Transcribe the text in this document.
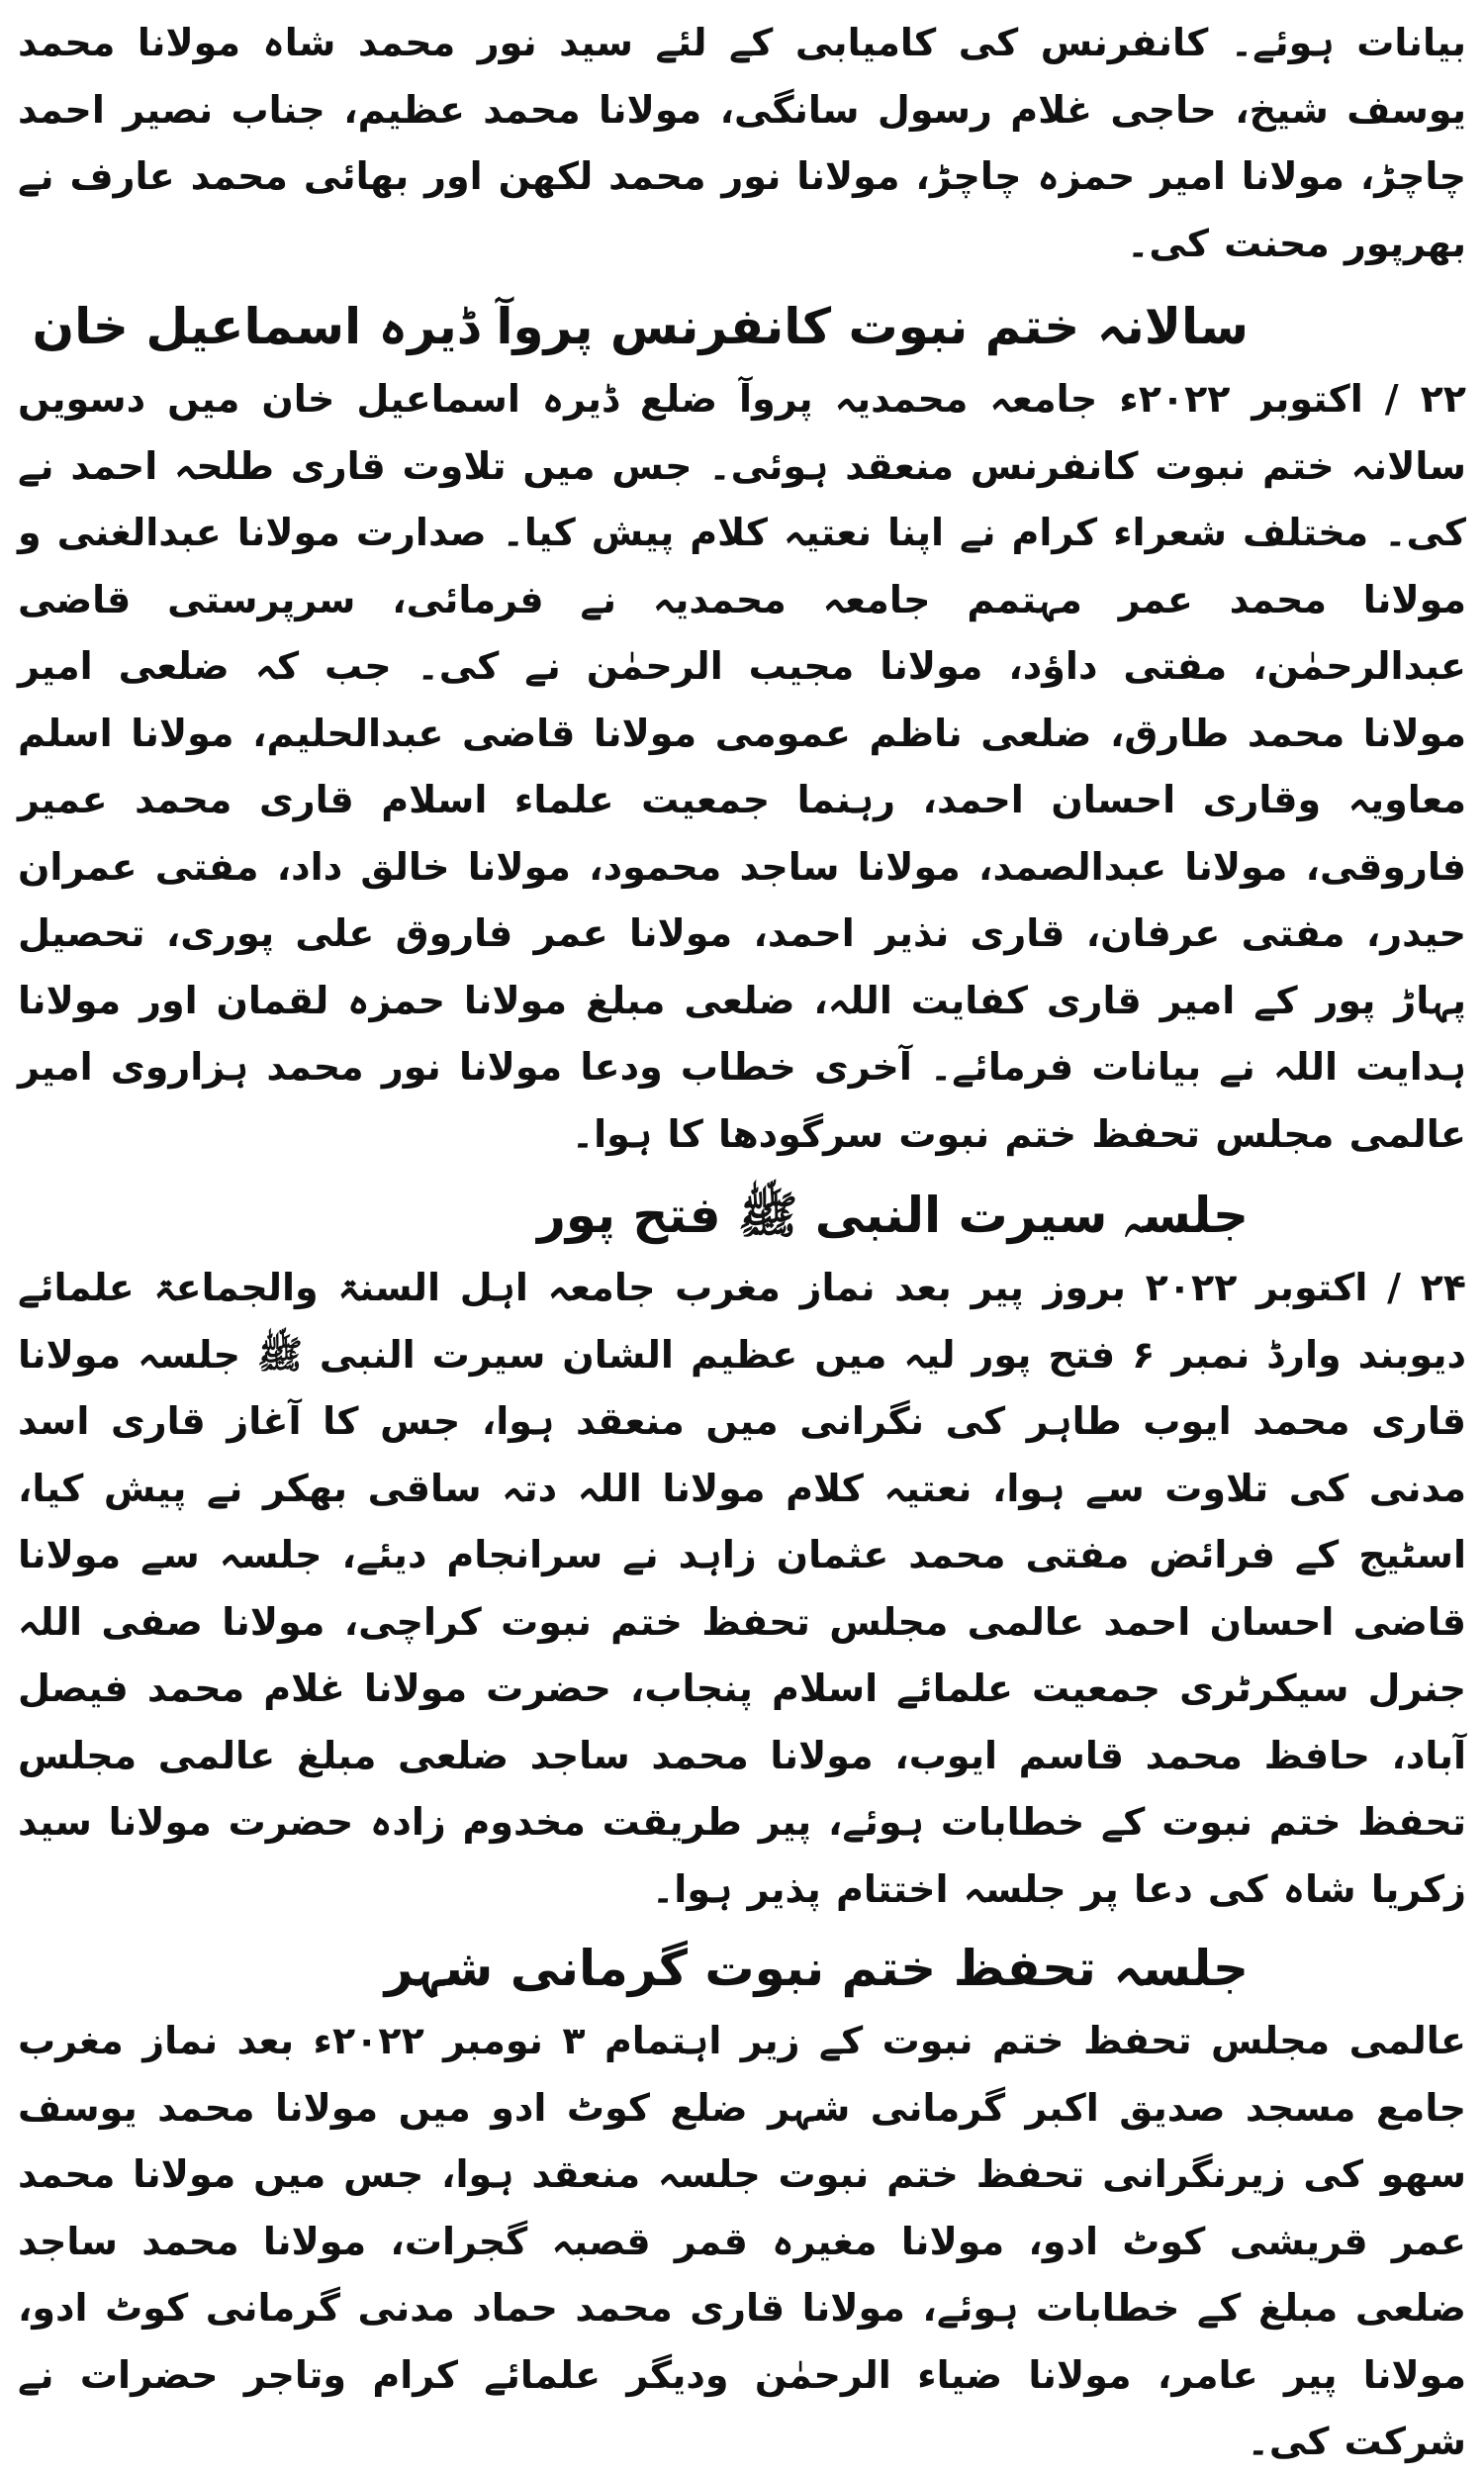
بیانات ہوئے۔ کانفرنس کی کامیابی کے لئے سید نور محمد شاہ مولانا محمد یوسف شیخ، حاجی غلام رسول سانگی، مولانا محمد عظیم، جناب نصیر احمد چاچڑ، مولانا امیر حمزہ چاچڑ، مولانا نور محمد لکھن اور بھائی محمد عارف نے بھرپور محنت کی۔

سالانہ ختم نبوت کانفرنس پروآ ڈیرہ اسماعیل خان

۲۲ / اکتوبر ۲۰۲۲ء جامعہ محمدیہ پروآ ضلع ڈیرہ اسماعیل خان میں دسویں سالانہ ختم نبوت کانفرنس منعقد ہوئی۔ جس میں تلاوت قاری طلحہ احمد نے کی۔ مختلف شعراء کرام نے اپنا نعتیہ کلام پیش کیا۔ صدارت مولانا عبدالغنی و مولانا محمد عمر مہتمم جامعہ محمدیہ نے فرمائی، سرپرستی قاضی عبدالرحمٰن، مفتی داؤد، مولانا مجیب الرحمٰن نے کی۔ جب کہ ضلعی امیر مولانا محمد طارق، ضلعی ناظم عمومی مولانا قاضی عبدالحلیم، مولانا اسلم معاویہ وقاری احسان احمد، رہنما جمعیت علماء اسلام قاری محمد عمیر فاروقی، مولانا عبدالصمد، مولانا ساجد محمود، مولانا خالق داد، مفتی عمران حیدر، مفتی عرفان، قاری نذیر احمد، مولانا عمر فاروق علی پوری، تحصیل پہاڑ پور کے امیر قاری کفایت اللہ، ضلعی مبلغ مولانا حمزہ لقمان اور مولانا ہدایت اللہ نے بیانات فرمائے۔ آخری خطاب ودعا مولانا نور محمد ہزاروی امیر عالمی مجلس تحفظ ختم نبوت سرگودھا کا ہوا۔

جلسہ سیرت النبی ﷺ فتح پور

۲۴ / اکتوبر ۲۰۲۲ بروز پیر بعد نماز مغرب جامعہ اہل السنۃ والجماعۃ علمائے دیوبند وارڈ نمبر ۶ فتح پور لیہ میں عظیم الشان سیرت النبی ﷺ جلسہ مولانا قاری محمد ایوب طاہر کی نگرانی میں منعقد ہوا، جس کا آغاز قاری اسد مدنی کی تلاوت سے ہوا، نعتیہ کلام مولانا اللہ دتہ ساقی بھکر نے پیش کیا، اسٹیج کے فرائض مفتی محمد عثمان زاہد نے سرانجام دیئے، جلسہ سے مولانا قاضی احسان احمد عالمی مجلس تحفظ ختم نبوت کراچی، مولانا صفی اللہ جنرل سیکرٹری جمعیت علمائے اسلام پنجاب، حضرت مولانا غلام محمد فیصل آباد، حافظ محمد قاسم ایوب، مولانا محمد ساجد ضلعی مبلغ عالمی مجلس تحفظ ختم نبوت کے خطابات ہوئے، پیر طریقت مخدوم زادہ حضرت مولانا سید زکریا شاہ کی دعا پر جلسہ اختتام پذیر ہوا۔

جلسہ تحفظ ختم نبوت گرمانی شہر

عالمی مجلس تحفظ ختم نبوت کے زیر اہتمام ۳ نومبر ۲۰۲۲ء بعد نماز مغرب جامع مسجد صدیق اکبر گرمانی شہر ضلع کوٹ ادو میں مولانا محمد یوسف سھو کی زیرنگرانی تحفظ ختم نبوت جلسہ منعقد ہوا، جس میں مولانا محمد عمر قریشی کوٹ ادو، مولانا مغیرہ قمر قصبہ گجرات، مولانا محمد ساجد ضلعی مبلغ کے خطابات ہوئے، مولانا قاری محمد حماد مدنی گرمانی کوٹ ادو، مولانا پیر عامر، مولانا ضیاء الرحمٰن ودیگر علمائے کرام وتاجر حضرات نے شرکت کی۔
